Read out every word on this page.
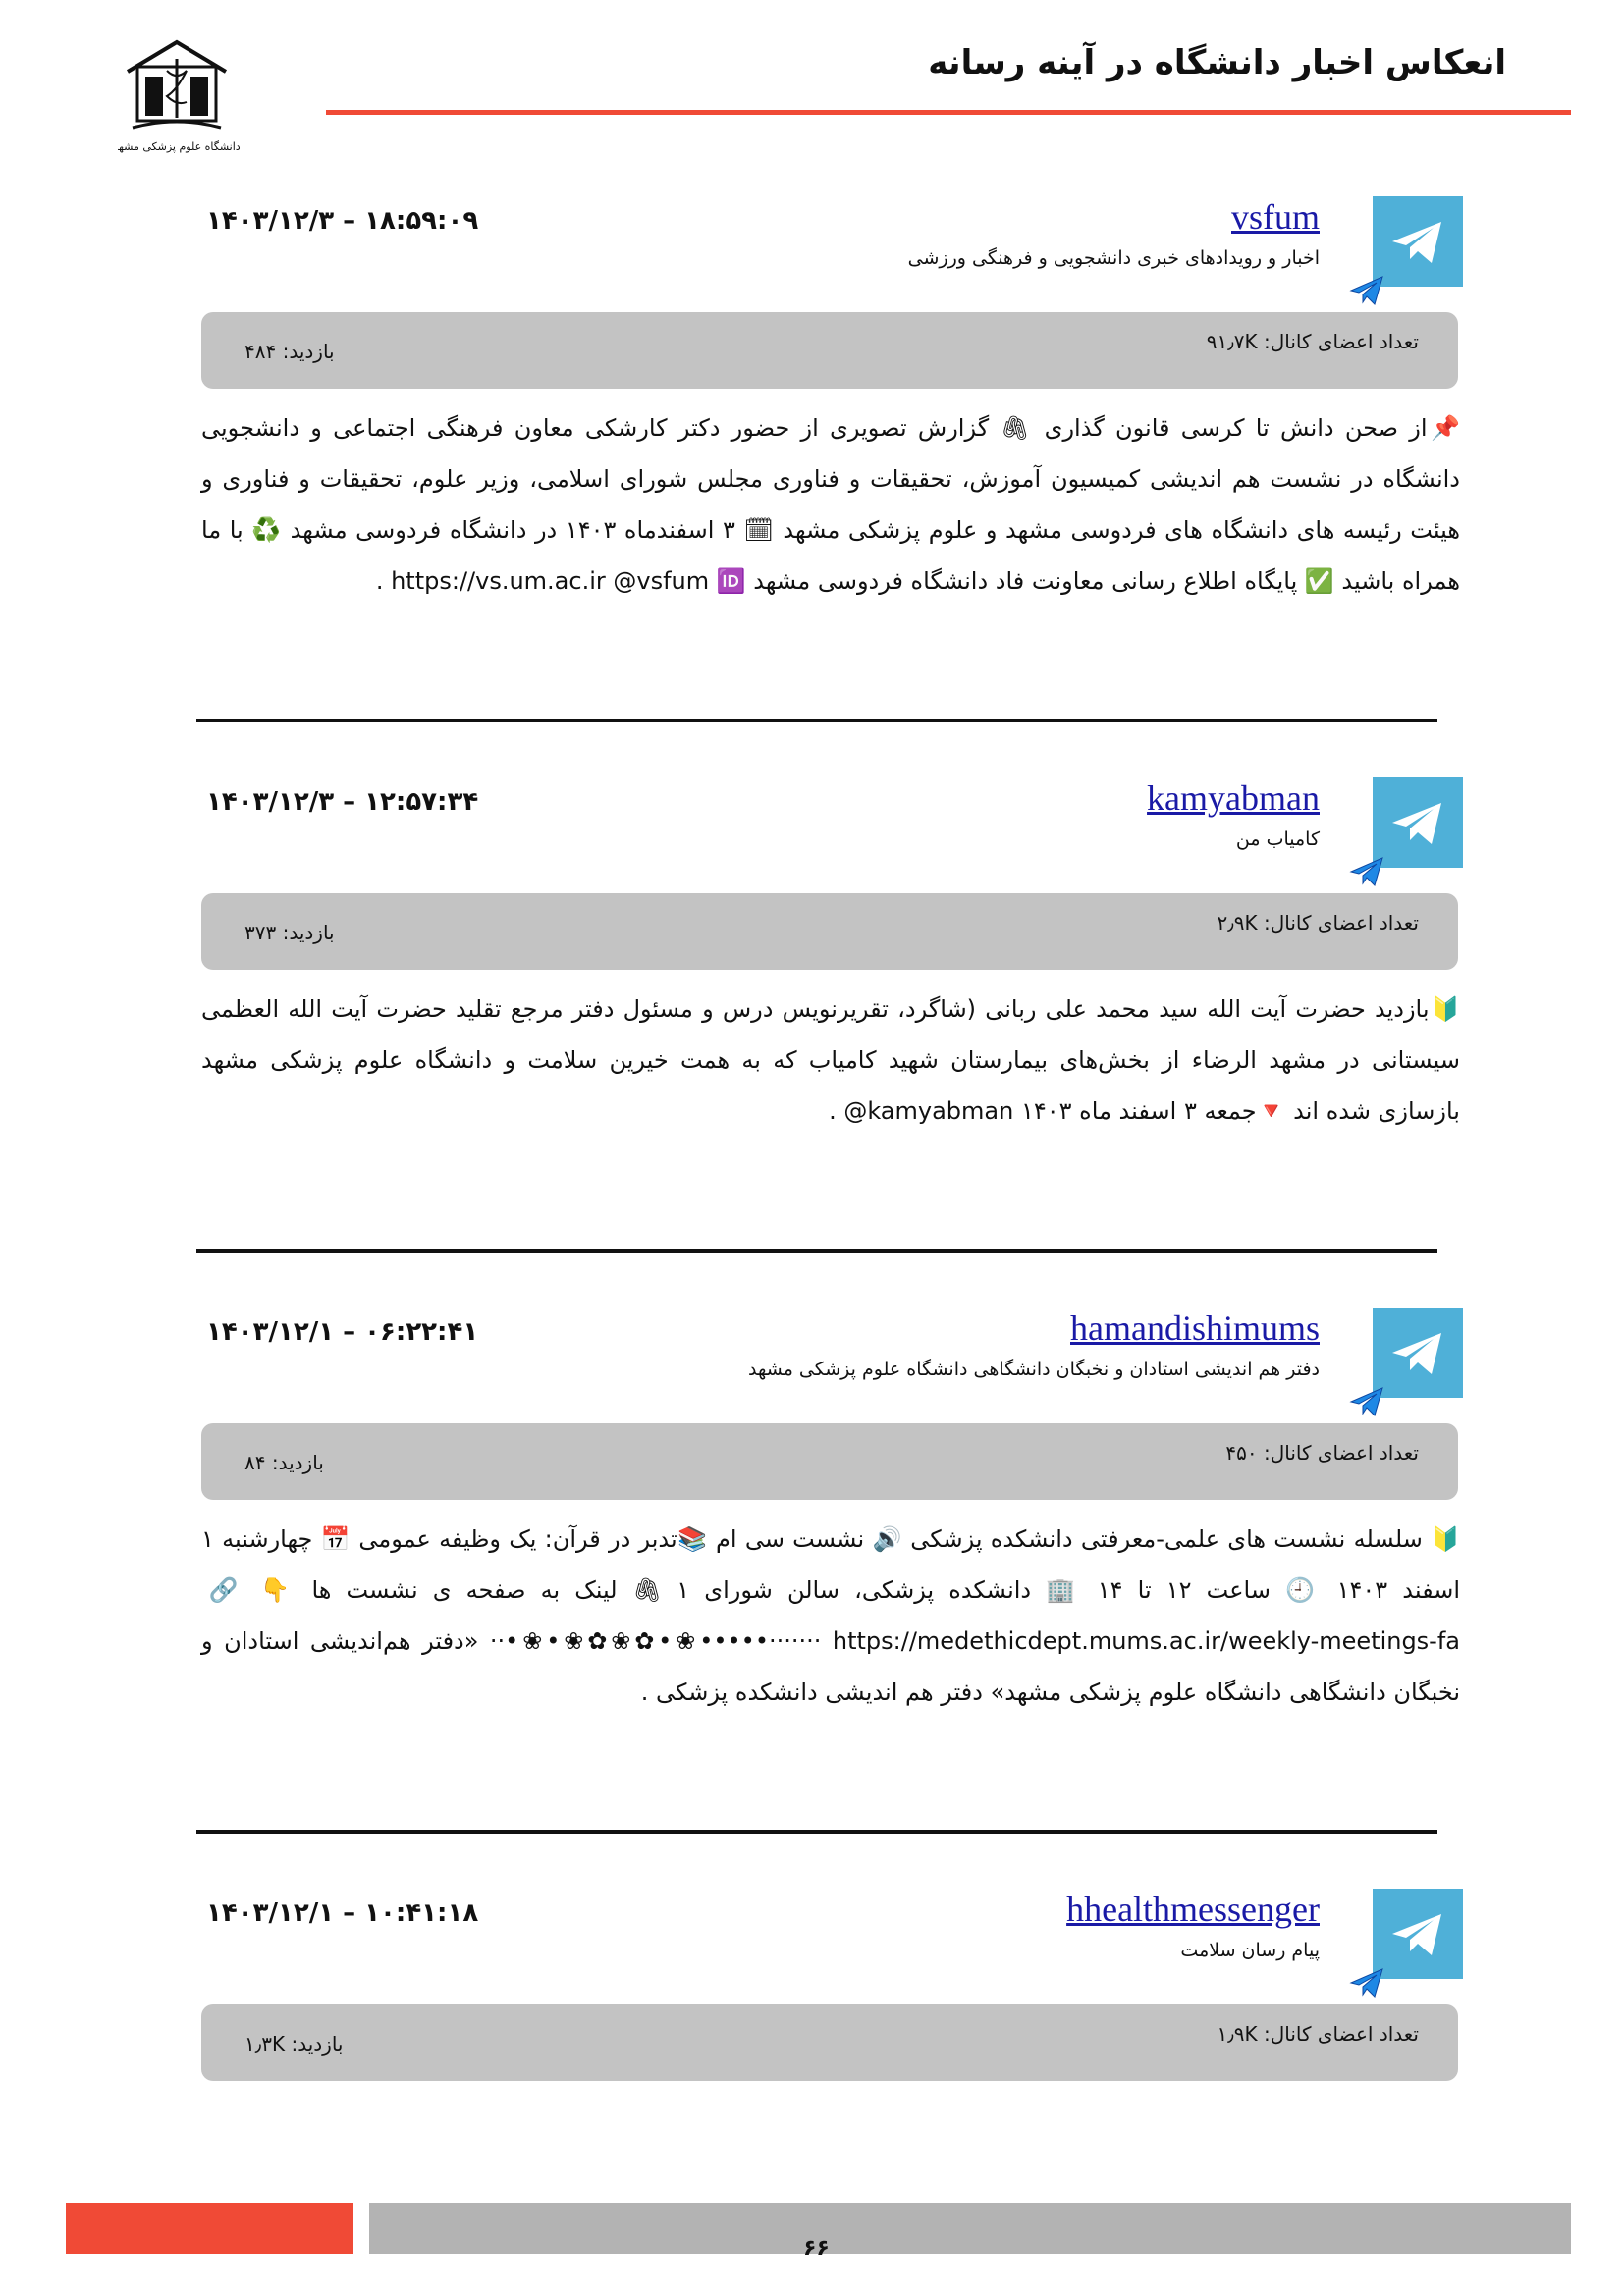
دانشگاه علوم پزشکی مشهد
انعکاس اخبار دانشگاه در آینه رسانه
vsfum
اخبار و رویدادهای خبری دانشجویی و فرهنگی ورزشی
۱۴۰۳/۱۲/۳ – ۱۸:۵۹:۰۹
تعداد اعضای کانال: ۹۱٫۷K
بازدید: ۴۸۴
📌از صحن دانش تا کرسی قانون گذاری 🖇 گزارش تصویری از حضور دکتر کارشکی معاون فرهنگی اجتماعی و دانشجویی دانشگاه در نشست هم اندیشی کمیسیون آموزش، تحقیقات و فناوری مجلس شورای اسلامی، وزیر علوم، تحقیقات و فناوری و هیئت رئیسه های دانشگاه های فردوسی مشهد و علوم پزشکی مشهد 🗓 ۳ اسفندماه ۱۴۰۳ در دانشگاه فردوسی مشهد ♻️ با ما همراه باشید ✅ پایگاه اطلاع رسانی معاونت فاد دانشگاه فردوسی مشهد https://vs.um.ac.ir @vsfum 🆔 .
kamyabman
کامیاب من
۱۴۰۳/۱۲/۳ – ۱۲:۵۷:۳۴
تعداد اعضای کانال: ۲٫۹K
بازدید: ۳۷۳
🔰بازدید حضرت آیت الله سید محمد علی ربانی (شاگرد، تقریرنویس درس و مسئول دفتر مرجع تقلید حضرت آیت الله العظمی سیستانی در مشهد الرضاء از بخش‌های بیمارستان شهید کامیاب که به همت خیرین سلامت و دانشگاه علوم پزشکی مشهد بازسازی شده اند 🔻جمعه ۳ اسفند ماه ۱۴۰۳ kamyabman@ .
hamandishimums
دفتر هم اندیشی استادان و نخبگان دانشگاهی دانشگاه علوم پزشکی مشهد
۱۴۰۳/۱۲/۱ – ۰۶:۲۲:۴۱
تعداد اعضای کانال: ۴۵۰
بازدید: ۸۴
🔰 سلسله نشست های علمی-معرفتی دانشکده پزشکی 🔊 نشست سی ام 📚تدبر در قرآن: یک وظیفه عمومی 📅 چهارشنبه ۱ اسفند ۱۴۰۳ 🕘 ساعت ۱۲ تا ۱۴ 🏢 دانشکده پزشکی، سالن شورای ۱ 🖇 لینک به صفحه ی نشست ها 👇 🔗 https://medethicdept.mums.ac.ir/weekly-meetings-fa ·······•••••❀•✿❀✿❀•❀•·· «دفتر هم‌اندیشی استادان و نخبگان دانشگاهی دانشگاه علوم پزشکی مشهد» دفتر هم اندیشی دانشکده پزشکی .
hhealthmessenger
پیام رسان سلامت
۱۴۰۳/۱۲/۱ – ۱۰:۴۱:۱۸
تعداد اعضای کانال: ۱٫۹K
بازدید: ۱٫۳K
۶۶
